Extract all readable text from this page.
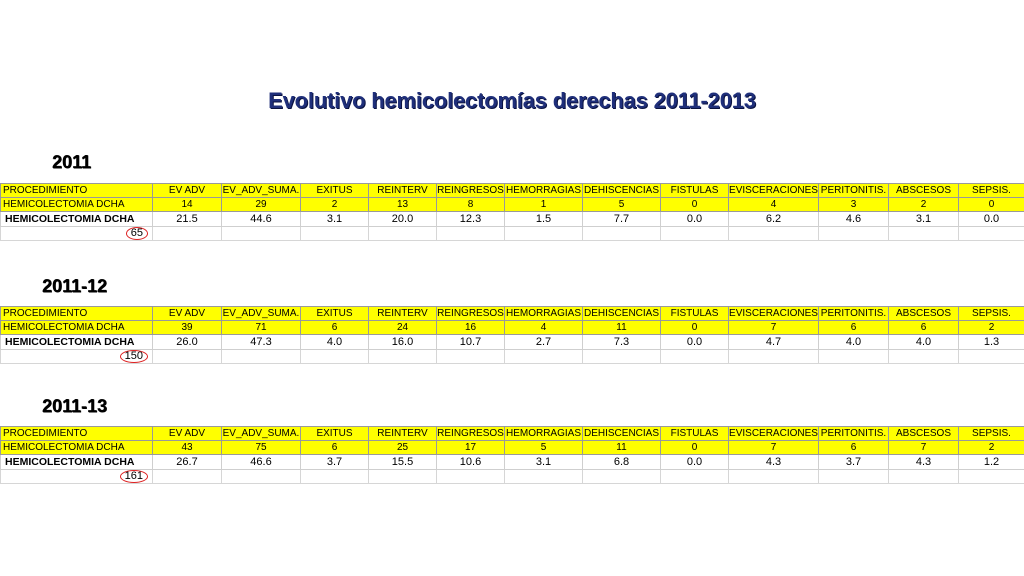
Evolutivo hemicolectomías derechas 2011-2013
2011
PROCEDIMIENTO	EV ADV	EV_ADV_SUMA.	EXITUS	REINTERV	REINGRESOS	HEMORRAGIAS	DEHISCENCIAS	FISTULAS	EVISCERACIONES	PERITONITIS.	ABSCESOS	SEPSIS.
HEMICOLECTOMIA DCHA	14	29	2	13	8	1	5	0	4	3	2	0
HEMICOLECTOMIA DCHA	21.5	44.6	3.1	20.0	12.3	1.5	7.7	0.0	6.2	4.6	3.1	0.0
65												
2011-12
PROCEDIMIENTO	EV ADV	EV_ADV_SUMA.	EXITUS	REINTERV	REINGRESOS	HEMORRAGIAS	DEHISCENCIAS	FISTULAS	EVISCERACIONES	PERITONITIS.	ABSCESOS	SEPSIS.
HEMICOLECTOMIA DCHA	39	71	6	24	16	4	11	0	7	6	6	2
HEMICOLECTOMIA DCHA	26.0	47.3	4.0	16.0	10.7	2.7	7.3	0.0	4.7	4.0	4.0	1.3
150												
2011-13
PROCEDIMIENTO	EV ADV	EV_ADV_SUMA.	EXITUS	REINTERV	REINGRESOS	HEMORRAGIAS	DEHISCENCIAS	FISTULAS	EVISCERACIONES	PERITONITIS.	ABSCESOS	SEPSIS.
HEMICOLECTOMIA DCHA	43	75	6	25	17	5	11	0	7	6	7	2
HEMICOLECTOMIA DCHA	26.7	46.6	3.7	15.5	10.6	3.1	6.8	0.0	4.3	3.7	4.3	1.2
161												
